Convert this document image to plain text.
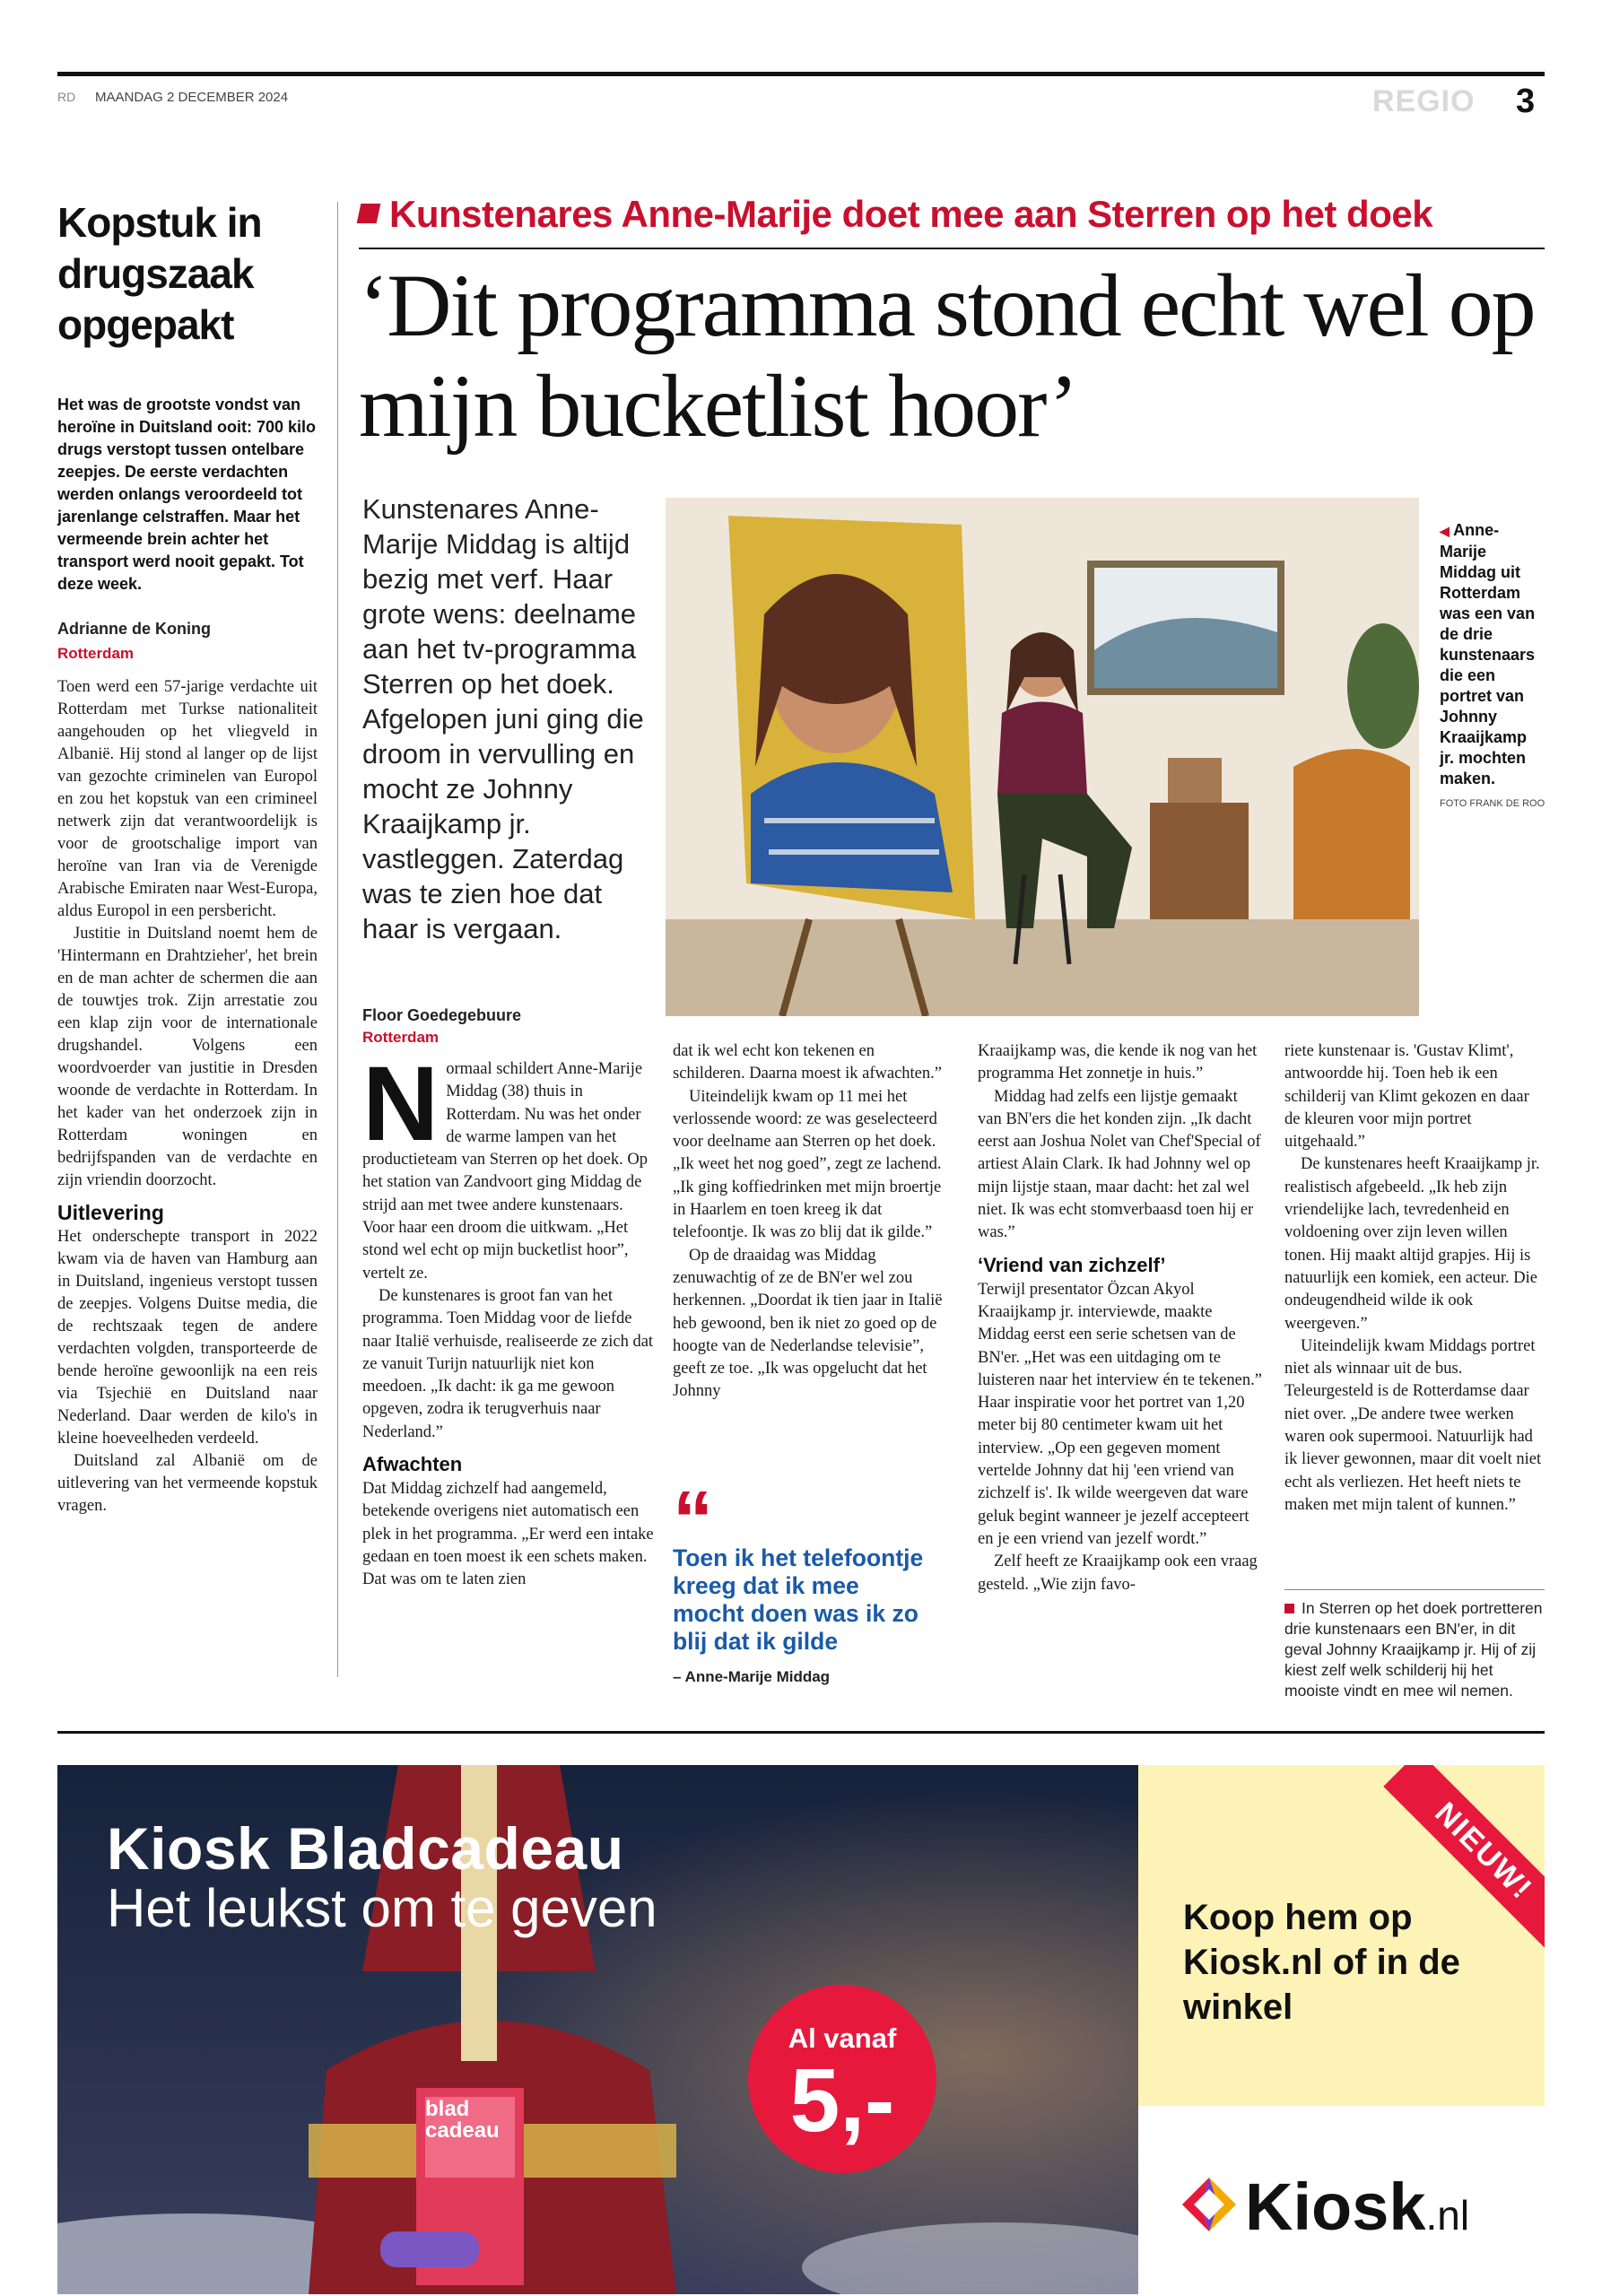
RD MAANDAG 2 DECEMBER 2024	REGIO 3
Kopstuk in drugszaak opgepakt
Het was de grootste vondst van heroïne in Duitsland ooit: 700 kilo drugs verstopt tussen ontelbare zeepjes. De eerste verdachten werden onlangs veroordeeld tot jarenlange celstraffen. Maar het vermeende brein achter het transport werd nooit gepakt. Tot deze week.
Adrianne de Koning
Rotterdam

Toen werd een 57-jarige verdachte uit Rotterdam met Turkse nationaliteit aangehouden op het vliegveld in Albanië. Hij stond al langer op de lijst van gezochte criminelen van Europol en zou het kopstuk van een crimineel netwerk zijn dat verantwoordelijk is voor de grootschalige import van heroïne van Iran via de Verenigde Arabische Emiraten naar West-Europa, aldus Europol in een persbericht.

Justitie in Duitsland noemt hem de 'Hintermann en Drahtzieher', het brein en de man achter de schermen die aan de touwtjes trok. Zijn arrestatie zou een klap zijn voor de internationale drugshandel. Volgens een woordvoerder van justitie in Dresden woonde de verdachte in Rotterdam. In het kader van het onderzoek zijn in Rotterdam woningen en bedrijfspanden van de verdachte en zijn vriendin doorzocht.

Uitlevering

Het onderschepte transport in 2022 kwam via de haven van Hamburg aan in Duitsland, ingenieus verstopt tussen de zeepjes. Volgens Duitse media, die de rechtszaak tegen de andere verdachten volgden, transporteerde de bende heroïne gewoonlijk na een reis via Tsjechië en Duitsland naar Nederland. Daar werden de kilo's in kleine hoeveelheden verdeeld.

Duitsland zal Albanië om de uitlevering van het vermeende kopstuk vragen.

Kunstenares Anne-Marije doet mee aan Sterren op het doek
‘Dit programma stond echt wel op mijn bucketlist hoor’
Kunstenares Anne-Marije Middag is altijd bezig met verf. Haar grote wens: deelname aan het tv-programma Sterren op het doek. Afgelopen juni ging die droom in vervulling en mocht ze Johnny Kraaijkamp jr. vastleggen. Zaterdag was te zien hoe dat haar is vergaan.
◀ Anne-Marije Middag uit Rotterdam was een van de drie kunstenaars die een portret van Johnny Kraaijkamp jr. mochten maken.
FOTO FRANK DE ROO
Floor Goedegebuure
Rotterdam

Normaal schildert Anne-Marije Middag (38) thuis in Rotterdam. Nu was het onder de warme lampen van het productieteam van Sterren op het doek. Op het station van Zandvoort ging Middag de strijd aan met twee andere kunstenaars. Voor haar een droom die uitkwam. „Het stond wel echt op mijn bucketlist hoor”, vertelt ze.

De kunstenares is groot fan van het programma. Toen Middag voor de liefde naar Italië verhuisde, realiseerde ze zich dat ze vanuit Turijn natuurlijk niet kon meedoen. „Ik dacht: ik ga me gewoon opgeven, zodra ik terugverhuis naar Nederland.”

Afwachten

Dat Middag zichzelf had aangemeld, betekende overigens niet automatisch een plek in het programma. „Er werd een intake gedaan en toen moest ik een schets maken. Dat was om te laten zien

dat ik wel echt kon tekenen en schilderen. Daarna moest ik afwachten.”

Uiteindelijk kwam op 11 mei het verlossende woord: ze was geselecteerd voor deelname aan Sterren op het doek. „Ik weet het nog goed”, zegt ze lachend. „Ik ging koffiedrinken met mijn broertje in Haarlem en toen kreeg ik dat telefoontje. Ik was zo blij dat ik gilde.”

Op de draaidag was Middag zenuwachtig of ze de BN'er wel zou herkennen. „Doordat ik tien jaar in Italië heb gewoond, ben ik niet zo goed op de hoogte van de Nederlandse televisie”, geeft ze toe. „Ik was opgelucht dat het Johnny

“
Toen ik het telefoontje kreeg dat ik mee mocht doen was ik zo blij dat ik gilde
– Anne-Marije Middag

Kraaijkamp was, die kende ik nog van het programma Het zonnetje in huis.”

Middag had zelfs een lijstje gemaakt van BN'ers die het konden zijn. „Ik dacht eerst aan Joshua Nolet van Chef'Special of artiest Alain Clark. Ik had Johnny wel op mijn lijstje staan, maar dacht: het zal wel niet. Ik was echt stomverbaasd toen hij er was.”

‘Vriend van zichzelf’

Terwijl presentator Özcan Akyol Kraaijkamp jr. interviewde, maakte Middag eerst een serie schetsen van de BN'er. „Het was een uitdaging om te luisteren naar het interview én te tekenen.” Haar inspiratie voor het portret van 1,20 meter bij 80 centimeter kwam uit het interview. „Op een gegeven moment vertelde Johnny dat hij 'een vriend van zichzelf is'. Ik wilde weergeven dat ware geluk begint wanneer je jezelf accepteert en je een vriend van jezelf wordt.”

Zelf heeft ze Kraaijkamp ook een vraag gesteld. „Wie zijn favo-

riete kunstenaar is. 'Gustav Klimt', antwoordde hij. Toen heb ik een schilderij van Klimt gekozen en daar de kleuren voor mijn portret uitgehaald.”

De kunstenares heeft Kraaijkamp jr. realistisch afgebeeld. „Ik heb zijn vriendelijke lach, tevredenheid en voldoening over zijn leven willen tonen. Hij maakt altijd grapjes. Hij is natuurlijk een komiek, een acteur. Die ondeugendheid wilde ik ook weergeven.”

Uiteindelijk kwam Middags portret niet als winnaar uit de bus. Teleurgesteld is de Rotterdamse daar niet over. „De andere twee werken waren ook supermooi. Natuurlijk had ik liever gewonnen, maar dit voelt niet echt als verliezen. Het heeft niets te maken met mijn talent of kunnen.”

In Sterren op het doek portretteren drie kunstenaars een BN'er, in dit geval Johnny Kraaijkamp jr. Hij of zij kiest zelf welk schilderij hij het mooiste vindt en mee wil nemen.
Kiosk Bladcadeau
Het leukst om te geven
blad cadeau
Al vanaf
5,-
NIEUW!
Koop hem op Kiosk.nl of in de winkel
Kiosk.nl
